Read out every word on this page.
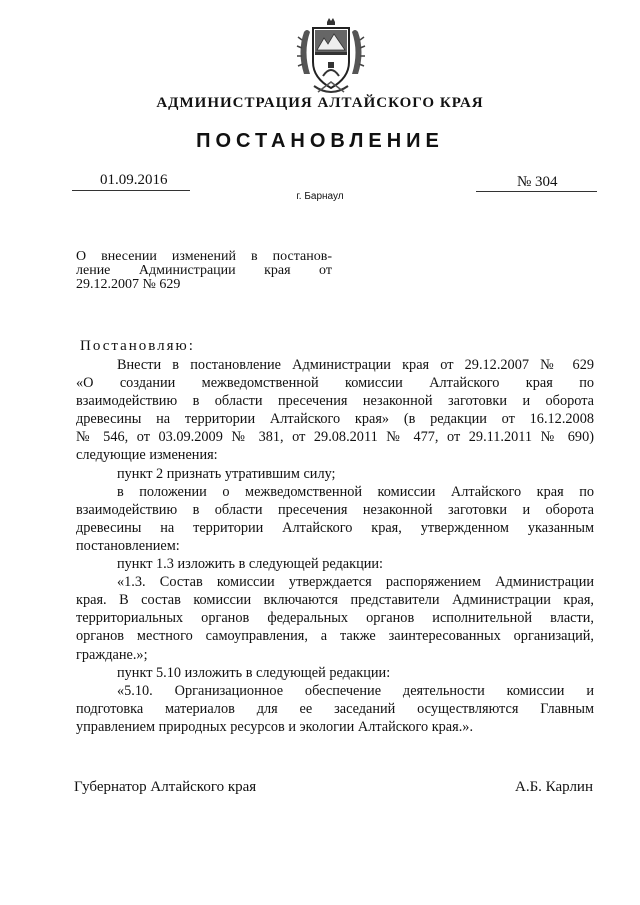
АДМИНИСТРАЦИЯ АЛТАЙСКОГО КРАЯ
ПОСТАНОВЛЕНИЕ
01.09.2016	№ 304
г. Барнаул
О внесении изменений в постанов-
ление Администрации края от
29.12.2007 № 629
Постановляю:

Внести в постановление Администрации края от 29.12.2007 № 629

«О создании межведомственной комиссии Алтайского края по

взаимодействию в области пресечения незаконной заготовки и оборота

древесины на территории Алтайского края» (в редакции от 16.12.2008

№ 546, от 03.09.2009 № 381, от 29.08.2011 № 477, от 29.11.2011 № 690)

следующие изменения:

пункт 2 признать утратившим силу;

в положении о межведомственной комиссии Алтайского края по

взаимодействию в области пресечения незаконной заготовки и оборота

древесины на территории Алтайского края, утвержденном указанным

постановлением:

пункт 1.3 изложить в следующей редакции:

«1.3. Состав комиссии утверждается распоряжением Администрации

края. В состав комиссии включаются представители Администрации края,

территориальных органов федеральных органов исполнительной власти,

органов местного самоуправления, а также заинтересованных организаций,

граждане.»;

пункт 5.10 изложить в следующей редакции:

«5.10. Организационное обеспечение деятельности комиссии и

подготовка материалов для ее заседаний осуществляются Главным

управлением природных ресурсов и экологии Алтайского края.».

Губернатор Алтайского края	А.Б. Карлин
